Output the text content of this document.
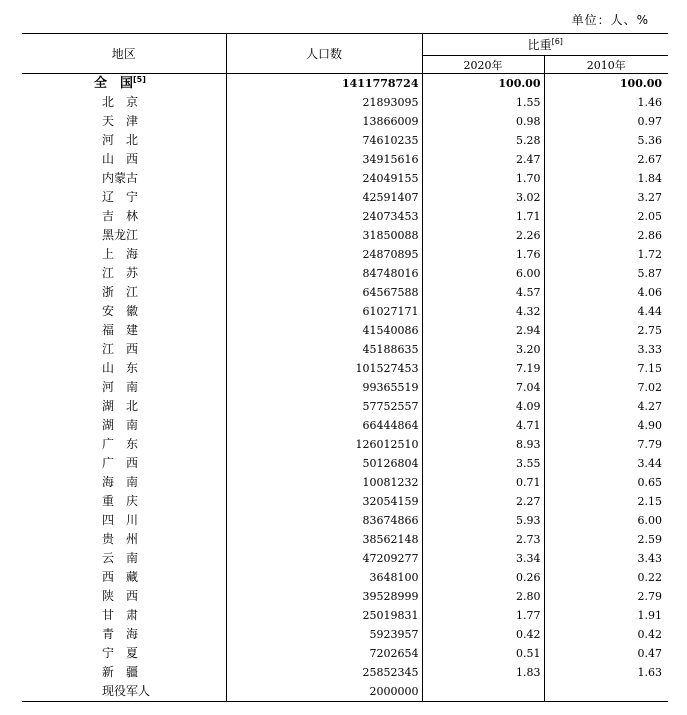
单位：人、%
地区	人口数	比重[6]
		2020年	2010年
全　国[5]	1411778724	100.00	100.00
北京	21893095	1.55	1.46
天津	13866009	0.98	0.97
河北	74610235	5.28	5.36
山西	34915616	2.47	2.67
内蒙古	24049155	1.70	1.84
辽宁	42591407	3.02	3.27
吉林	24073453	1.71	2.05
黑龙江	31850088	2.26	2.86
上海	24870895	1.76	1.72
江苏	84748016	6.00	5.87
浙江	64567588	4.57	4.06
安徽	61027171	4.32	4.44
福建	41540086	2.94	2.75
江西	45188635	3.20	3.33
山东	101527453	7.19	7.15
河南	99365519	7.04	7.02
湖北	57752557	4.09	4.27
湖南	66444864	4.71	4.90
广东	126012510	8.93	7.79
广西	50126804	3.55	3.44
海南	10081232	0.71	0.65
重庆	32054159	2.27	2.15
四川	83674866	5.93	6.00
贵州	38562148	2.73	2.59
云南	47209277	3.34	3.43
西藏	3648100	0.26	0.22
陕西	39528999	2.80	2.79
甘肃	25019831	1.77	1.91
青海	5923957	0.42	0.42
宁夏	7202654	0.51	0.47
新疆	25852345	1.83	1.63
现役军人	2000000		
